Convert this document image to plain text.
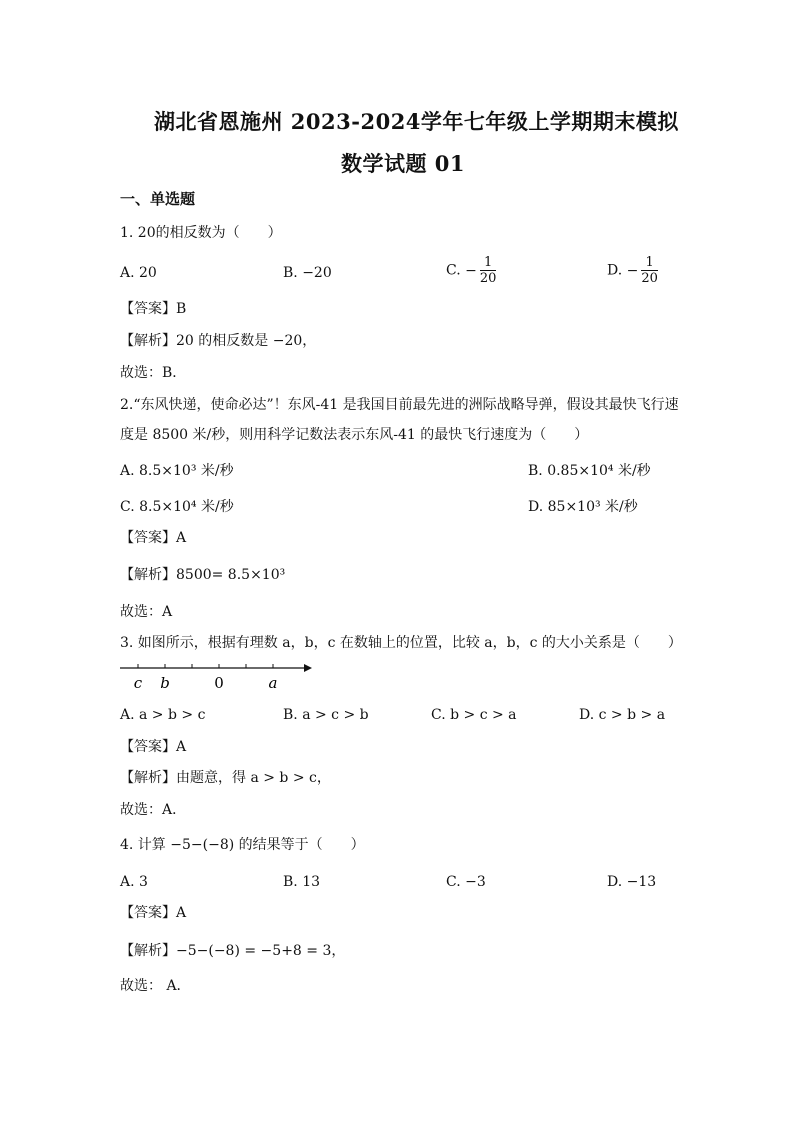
湖北省恩施州 2023-2024学年七年级上学期期末模拟
数学试题 01
一、单选题
1. 20的相反数为（　　）
A. 20	B. −20	C. − $\frac{1}{20}$	D. − $\frac{1}{20}$
【答案】B
【解析】20 的相反数是 −20，
故选：B．
2.“东风快递，使命必达”！东风-41 是我国目前最先进的洲际战略导弹，假设其最快飞行速
度是 8500 米/秒，则用科学记数法表示东风-41 的最快飞行速度为（　　）
A. 8.5×10³ 米/秒	B. 0.85×10⁴ 米/秒
C. 8.5×10⁴ 米/秒	D. 85×10³ 米/秒
【答案】A
【解析】8500= 8.5×10³
故选：A
3. 如图所示，根据有理数 a，b，c 在数轴上的位置，比较 a，b，c 的大小关系是（　　）
c b	0	a
A. a > b > c	B. a > c > b	C. b > c > a	D. c > b > a
【答案】A
【解析】由题意，得 a > b > c，
故选：A．
4. 计算 −5−(−8) 的结果等于（　　）
A. 3	B. 13	C. −3	D. −13
【答案】A
【解析】−5−(−8) = −5+8 = 3，
故选： A．
